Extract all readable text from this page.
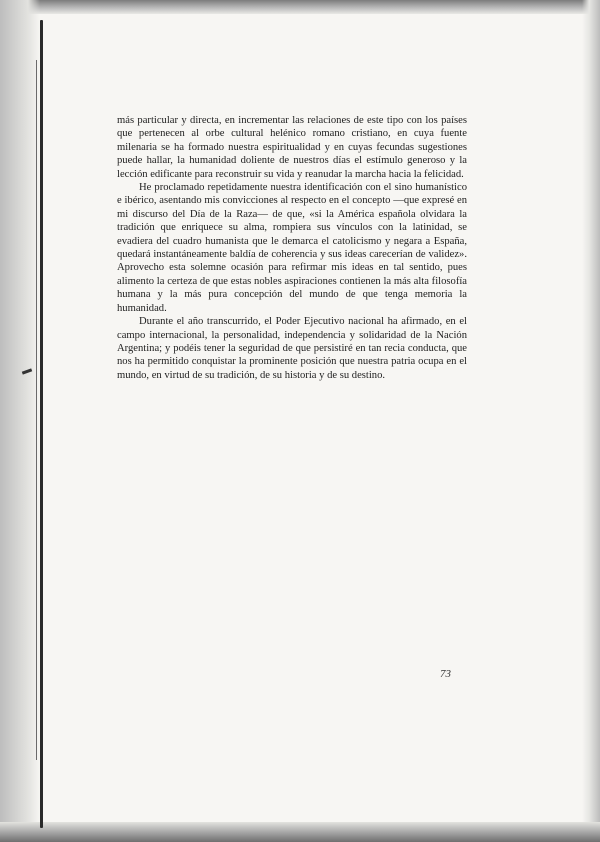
más particular y directa, en incrementar las relaciones de este tipo con los países que pertenecen al orbe cultural helénico romano cristiano, en cuya fuente milenaria se ha formado nuestra espiritualidad y en cuyas fecundas sugestiones puede hallar, la humanidad doliente de nuestros días el estímulo generoso y la lección edificante para reconstruir su vida y reanudar la marcha hacia la felicidad.

He proclamado repetidamente nuestra identificación con el sino humanístico e ibérico, asentando mis convicciones al respecto en el concepto —que expresé en mi discurso del Día de la Raza— de que, «si la América española olvidara la tradición que enriquece su alma, rompiera sus vínculos con la latinidad, se evadiera del cuadro humanista que le demarca el catolicismo y negara a España, quedará instantáneamente baldía de coherencia y sus ideas carecerían de validez». Aprovecho esta solemne ocasión para refirmar mis ideas en tal sentido, pues alimento la certeza de que estas nobles aspiraciones contienen la más alta filosofía humana y la más pura concepción del mundo de que tenga memoria la humanidad.

Durante el año transcurrido, el Poder Ejecutivo nacional ha afirmado, en el campo internacional, la personalidad, independencia y solidaridad de la Nación Argentina; y podéis tener la seguridad de que persistiré en tan recia conducta, que nos ha permitido conquistar la prominente posición que nuestra patria ocupa en el mundo, en virtud de su tradición, de su historia y de su destino.

73
